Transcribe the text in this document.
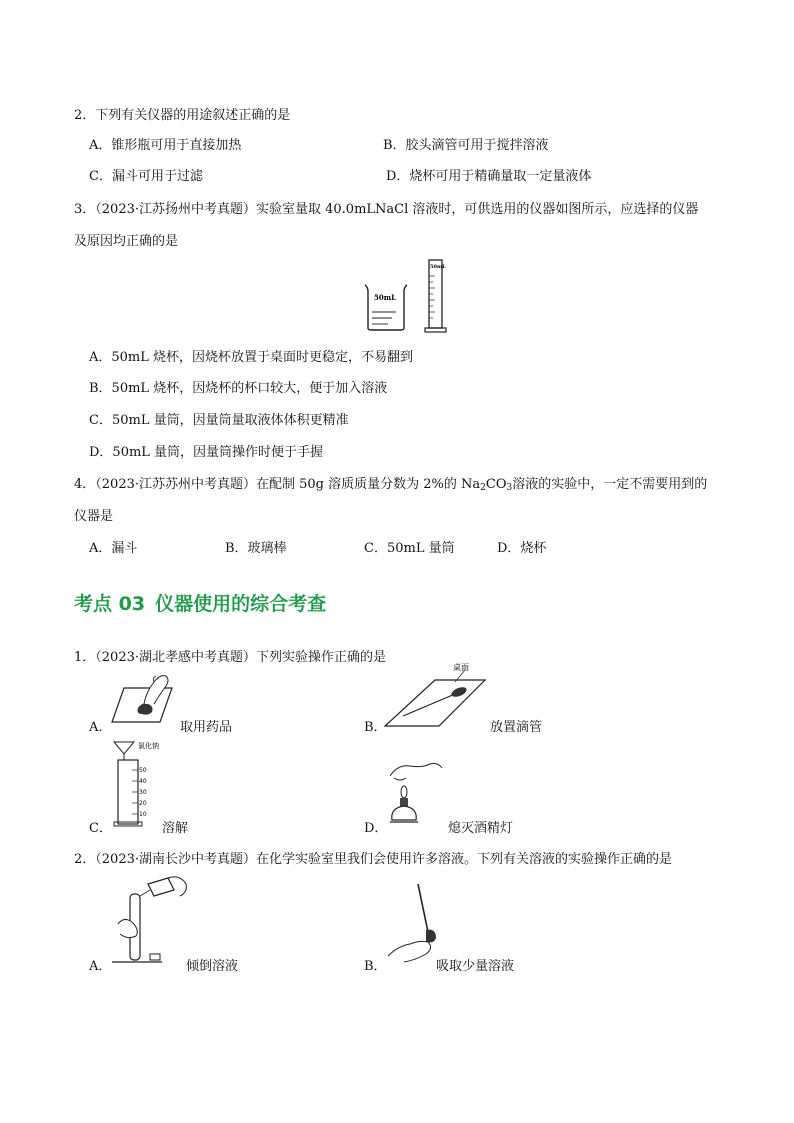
2．下列有关仪器的用途叙述正确的是
A．锥形瓶可用于直接加热	B．胶头滴管可用于搅拌溶液
C．漏斗可用于过滤	D．烧杯可用于精确量取一定量液体
3．（2023·江苏扬州中考真题）实验室量取 40.0mLNaCl 溶液时，可供选用的仪器如图所示，应选择的仪器
及原因均正确的是
50mL
50mL
A．50mL 烧杯，因烧杯放置于桌面时更稳定，不易翻到
B．50mL 烧杯，因烧杯的杯口较大，便于加入溶液
C．50mL 量筒，因量筒量取液体体积更精准
D．50mL 量筒，因量筒操作时便于手握
4．（2023·江苏苏州中考真题）在配制 50g 溶质质量分数为 2%的 $Na_2CO_3$溶液的实验中，一定不需要用到的
仪器是
A．漏斗	B．玻璃棒	C．50mL 量筒	D．烧杯
考点 03 仪器使用的综合考查
1．（2023·湖北孝感中考真题）下列实验操作正确的是
A．	取用药品
桌面
B．	放置滴管
氯化钠
50
40
30
20
10
C．	溶解	D．	熄灭酒精灯
2．（2023·湖南长沙中考真题）在化学实验室里我们会使用许多溶液。下列有关溶液的实验操作正确的是
A．	倾倒溶液	B．	吸取少量溶液
